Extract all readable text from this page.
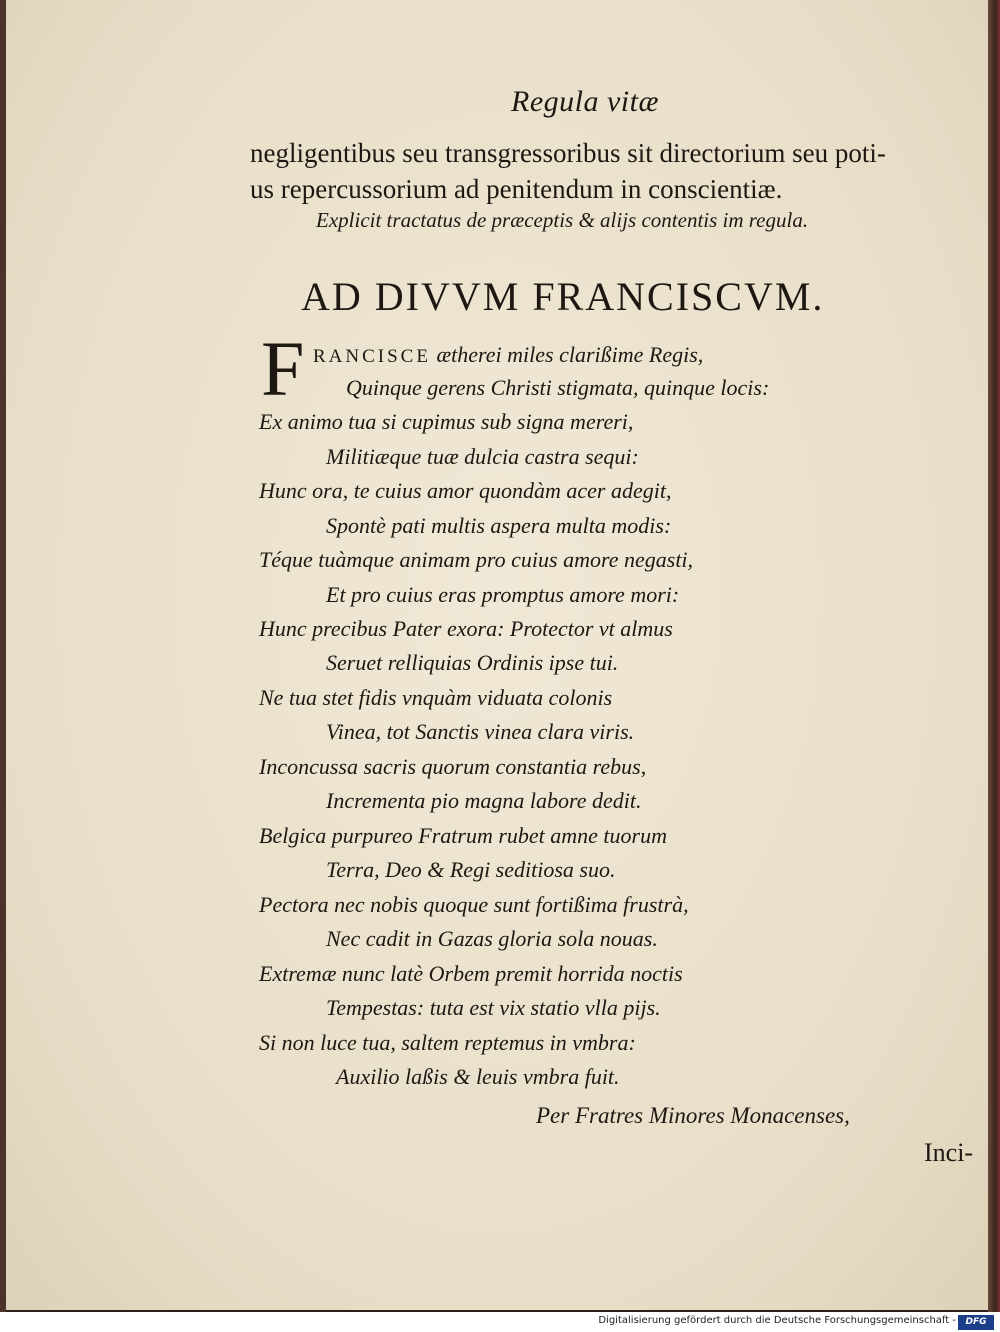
Regula vitæ
negligentibus seu transgressoribus sit directorium seu poti-
us repercussorium ad penitendum in conscientiæ.
Explicit tractatus de præceptis & alijs contentis im regula.
AD DIVVM FRANCISCVM.
F RANCISCE ætherei miles clarißime Regis,
Quinque gerens Christi stigmata, quinque locis:
Ex animo tua si cupimus sub signa mereri,
Militiæque tuæ dulcia castra sequi:
Hunc ora, te cuius amor quondàm acer adegit,
Spontè pati multis aspera multa modis:
Téque tuàmque animam pro cuius amore negasti,
Et pro cuius eras promptus amore mori:
Hunc precibus Pater exora: Protector vt almus
Seruet relliquias Ordinis ipse tui.
Ne tua stet fidis vnquàm viduata colonis
Vinea, tot Sanctis vinea clara viris.
Inconcussa sacris quorum constantia rebus,
Incrementa pio magna labore dedit.
Belgica purpureo Fratrum rubet amne tuorum
Terra, Deo & Regi seditiosa suo.
Pectora nec nobis quoque sunt fortißima frustrà,
Nec cadit in Gazas gloria sola nouas.
Extremæ nunc latè Orbem premit horrida noctis
Tempestas: tuta est vix statio vlla pijs.
Si non luce tua, saltem reptemus in vmbra:
Auxilio laßis & leuis vmbra fuit.
Per Fratres Minores Monacenses,
Inci-
Digitalisierung gefördert durch die Deutsche Forschungsgemeinschaft -	DFG
